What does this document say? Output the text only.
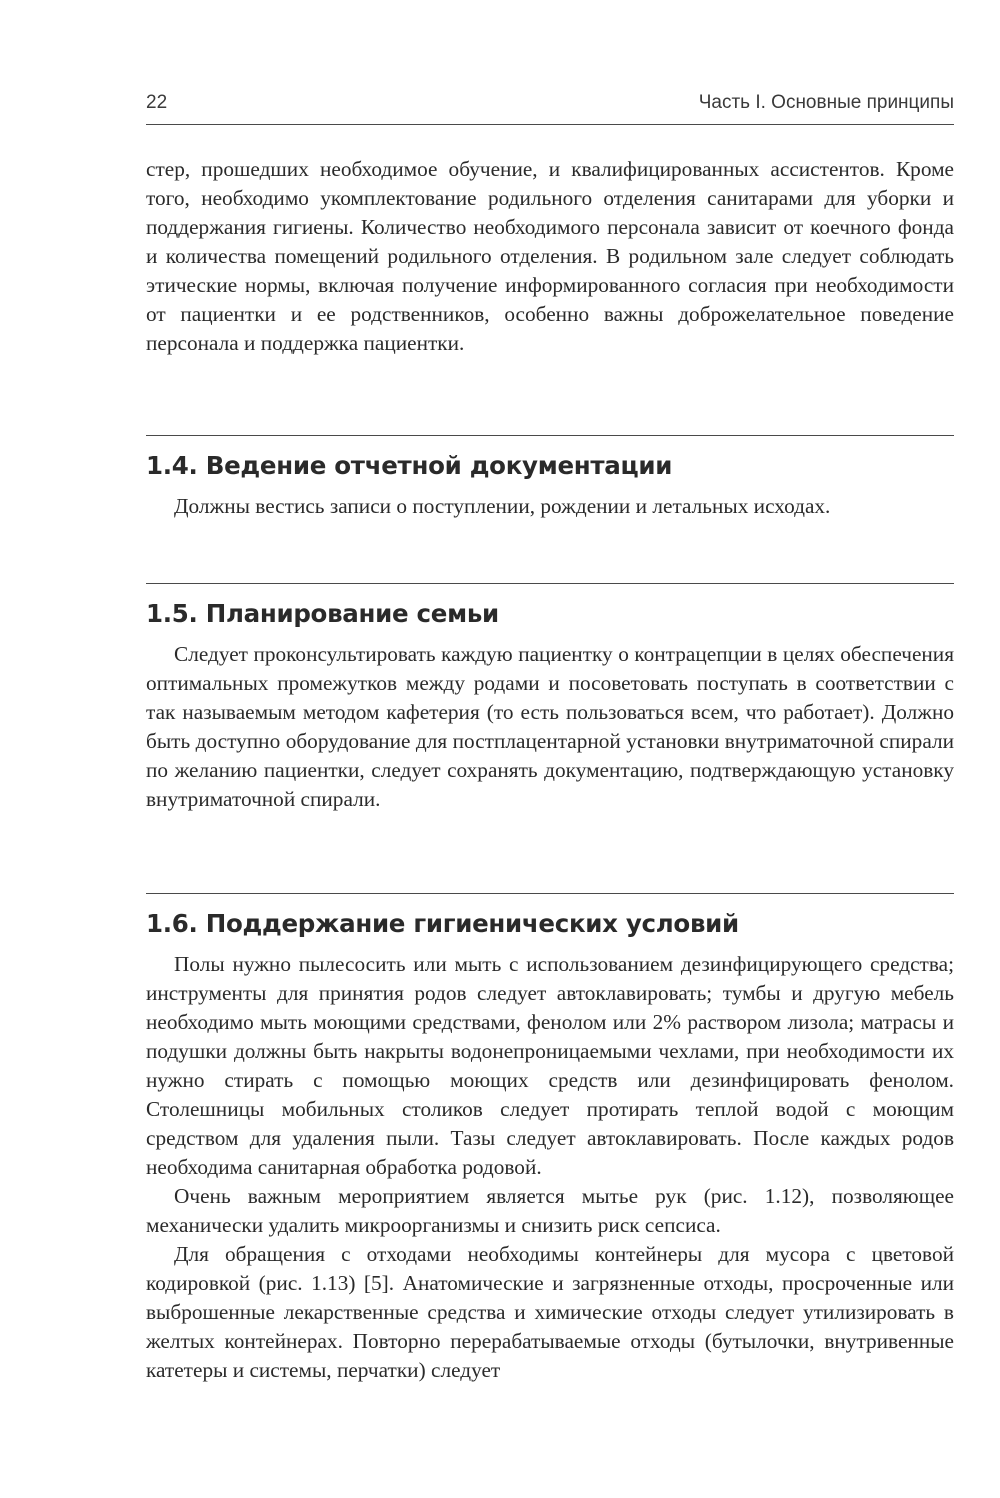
22	Часть I. Основные принципы

стер, прошедших необходимое обучение, и квалифицированных ассистентов. Кроме того, необходимо укомплектование родильного отделения санитарами для уборки и поддержания гигиены. Количество необходимого персонала зависит от коечного фонда и количества помещений родильного отделения. В родильном зале следует соблюдать этические нормы, включая получение информированного согласия при необходимости от пациентки и ее родственников, особенно важны доброжелательное поведение персонала и поддержка пациентки.

1.4. Ведение отчетной документации

Должны вестись записи о поступлении, рождении и летальных исходах.

1.5. Планирование семьи

Следует проконсультировать каждую пациентку о контрацепции в целях обеспечения оптимальных промежутков между родами и посоветовать поступать в соответствии с так называемым методом кафетерия (то есть пользоваться всем, что работает). Должно быть доступно оборудование для постплацентарной установки внутриматочной спирали по желанию пациентки, следует сохранять документацию, подтверждающую установку внутриматочной спирали.

1.6. Поддержание гигиенических условий

Полы нужно пылесосить или мыть с использованием дезинфицирующего средства; инструменты для принятия родов следует автоклавировать; тумбы и другую мебель необходимо мыть моющими средствами, фенолом или 2% раствором лизола; матрасы и подушки должны быть накрыты водонепроницаемыми чехлами, при необходимости их нужно стирать с помощью моющих средств или дезинфицировать фенолом. Столешницы мобильных столиков следует протирать теплой водой с моющим средством для удаления пыли. Тазы следует автоклавировать. После каждых родов необходима санитарная обработка родовой.

Очень важным мероприятием является мытье рук (рис. 1.12), позволяющее механически удалить микроорганизмы и снизить риск сепсиса.

Для обращения с отходами необходимы контейнеры для мусора с цветовой кодировкой (рис. 1.13) [5]. Анатомические и загрязненные отходы, просроченные или выброшенные лекарственные средства и химические отходы следует утилизировать в желтых контейнерах. Повторно перерабатываемые отходы (бутылочки, внутривенные катетеры и системы, перчатки) следует
